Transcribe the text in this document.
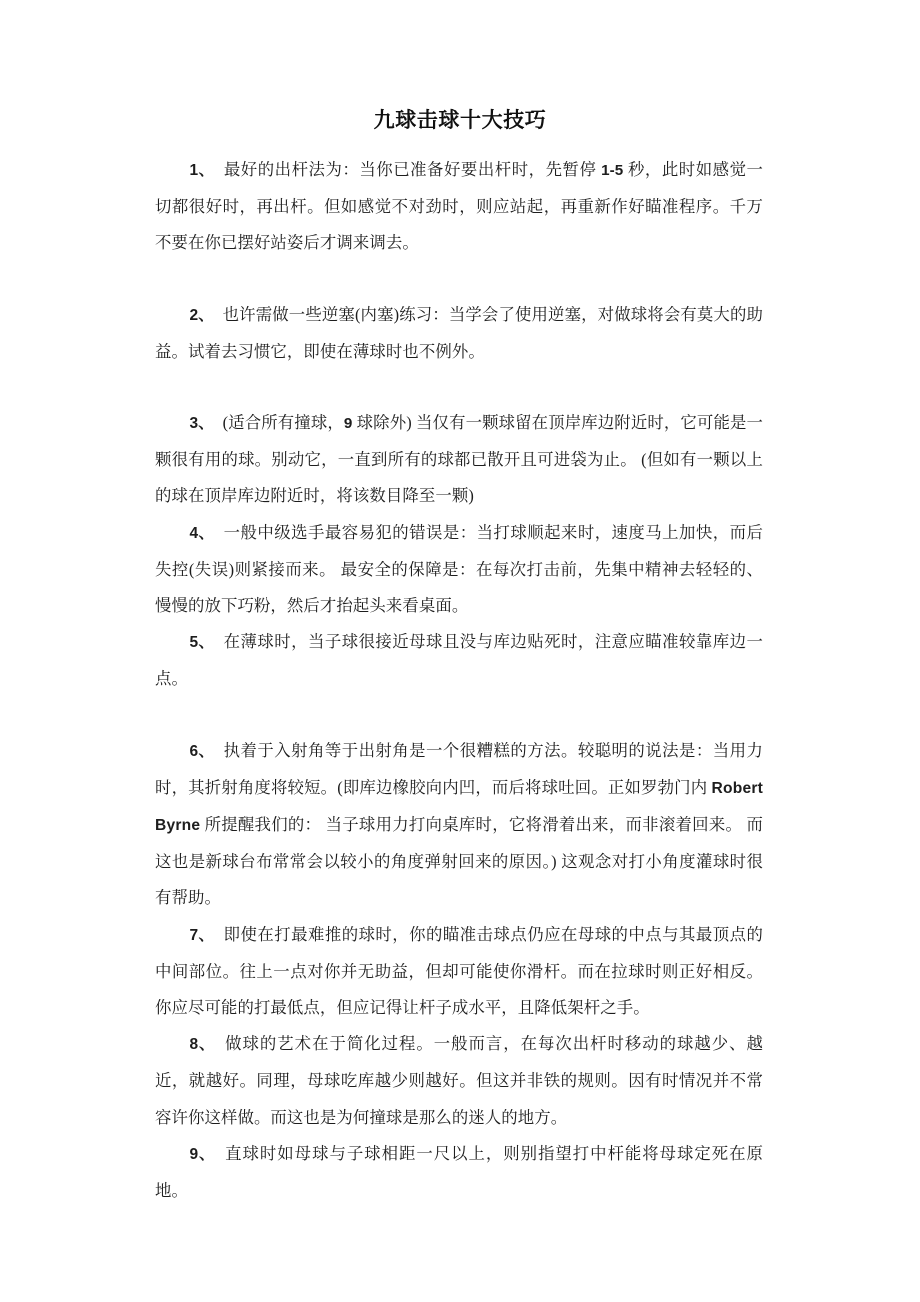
九球击球十大技巧

1、　最好的出杆法为：当你已准备好要出杆时，先暂停 1-5 秒，此时如感觉一切都很好时，再出杆。但如感觉不对劲时，则应站起，再重新作好瞄准程序。千万不要在你已摆好站姿后才调来调去。

2、　也许需做一些逆塞(内塞)练习：当学会了使用逆塞，对做球将会有莫大的助益。试着去习惯它，即使在薄球时也不例外。

3、　(适合所有撞球，9 球除外) 当仅有一颗球留在顶岸库边附近时，它可能是一颗很有用的球。别动它，一直到所有的球都已散开且可进袋为止。 (但如有一颗以上的球在顶岸库边附近时，将该数目降至一颗)

4、　一般中级选手最容易犯的错误是：当打球顺起来时，速度马上加快，而后失控(失误)则紧接而来。 最安全的保障是：在每次打击前，先集中精神去轻轻的、慢慢的放下巧粉，然后才抬起头来看桌面。

5、　在薄球时，当子球很接近母球且没与库边贴死时，注意应瞄准较靠库边一点。

6、　执着于入射角等于出射角是一个很糟糕的方法。较聪明的说法是：当用力时，其折射角度将较短。(即库边橡胶向内凹，而后将球吐回。正如罗勃门内 Robert Byrne 所提醒我们的： 当子球用力打向桌库时，它将滑着出来，而非滚着回来。 而这也是新球台布常常会以较小的角度弹射回来的原因。) 这观念对打小角度灌球时很有帮助。

7、　即使在打最难推的球时，你的瞄准击球点仍应在母球的中点与其最顶点的中间部位。往上一点对你并无助益，但却可能使你滑杆。而在拉球时则正好相反。你应尽可能的打最低点，但应记得让杆子成水平，且降低架杆之手。

8、　做球的艺术在于简化过程。一般而言，在每次出杆时移动的球越少、越近，就越好。同理，母球吃库越少则越好。但这并非铁的规则。因有时情况并不常容许你这样做。而这也是为何撞球是那么的迷人的地方。

9、　直球时如母球与子球相距一尺以上，则别指望打中杆能将母球定死在原地。
